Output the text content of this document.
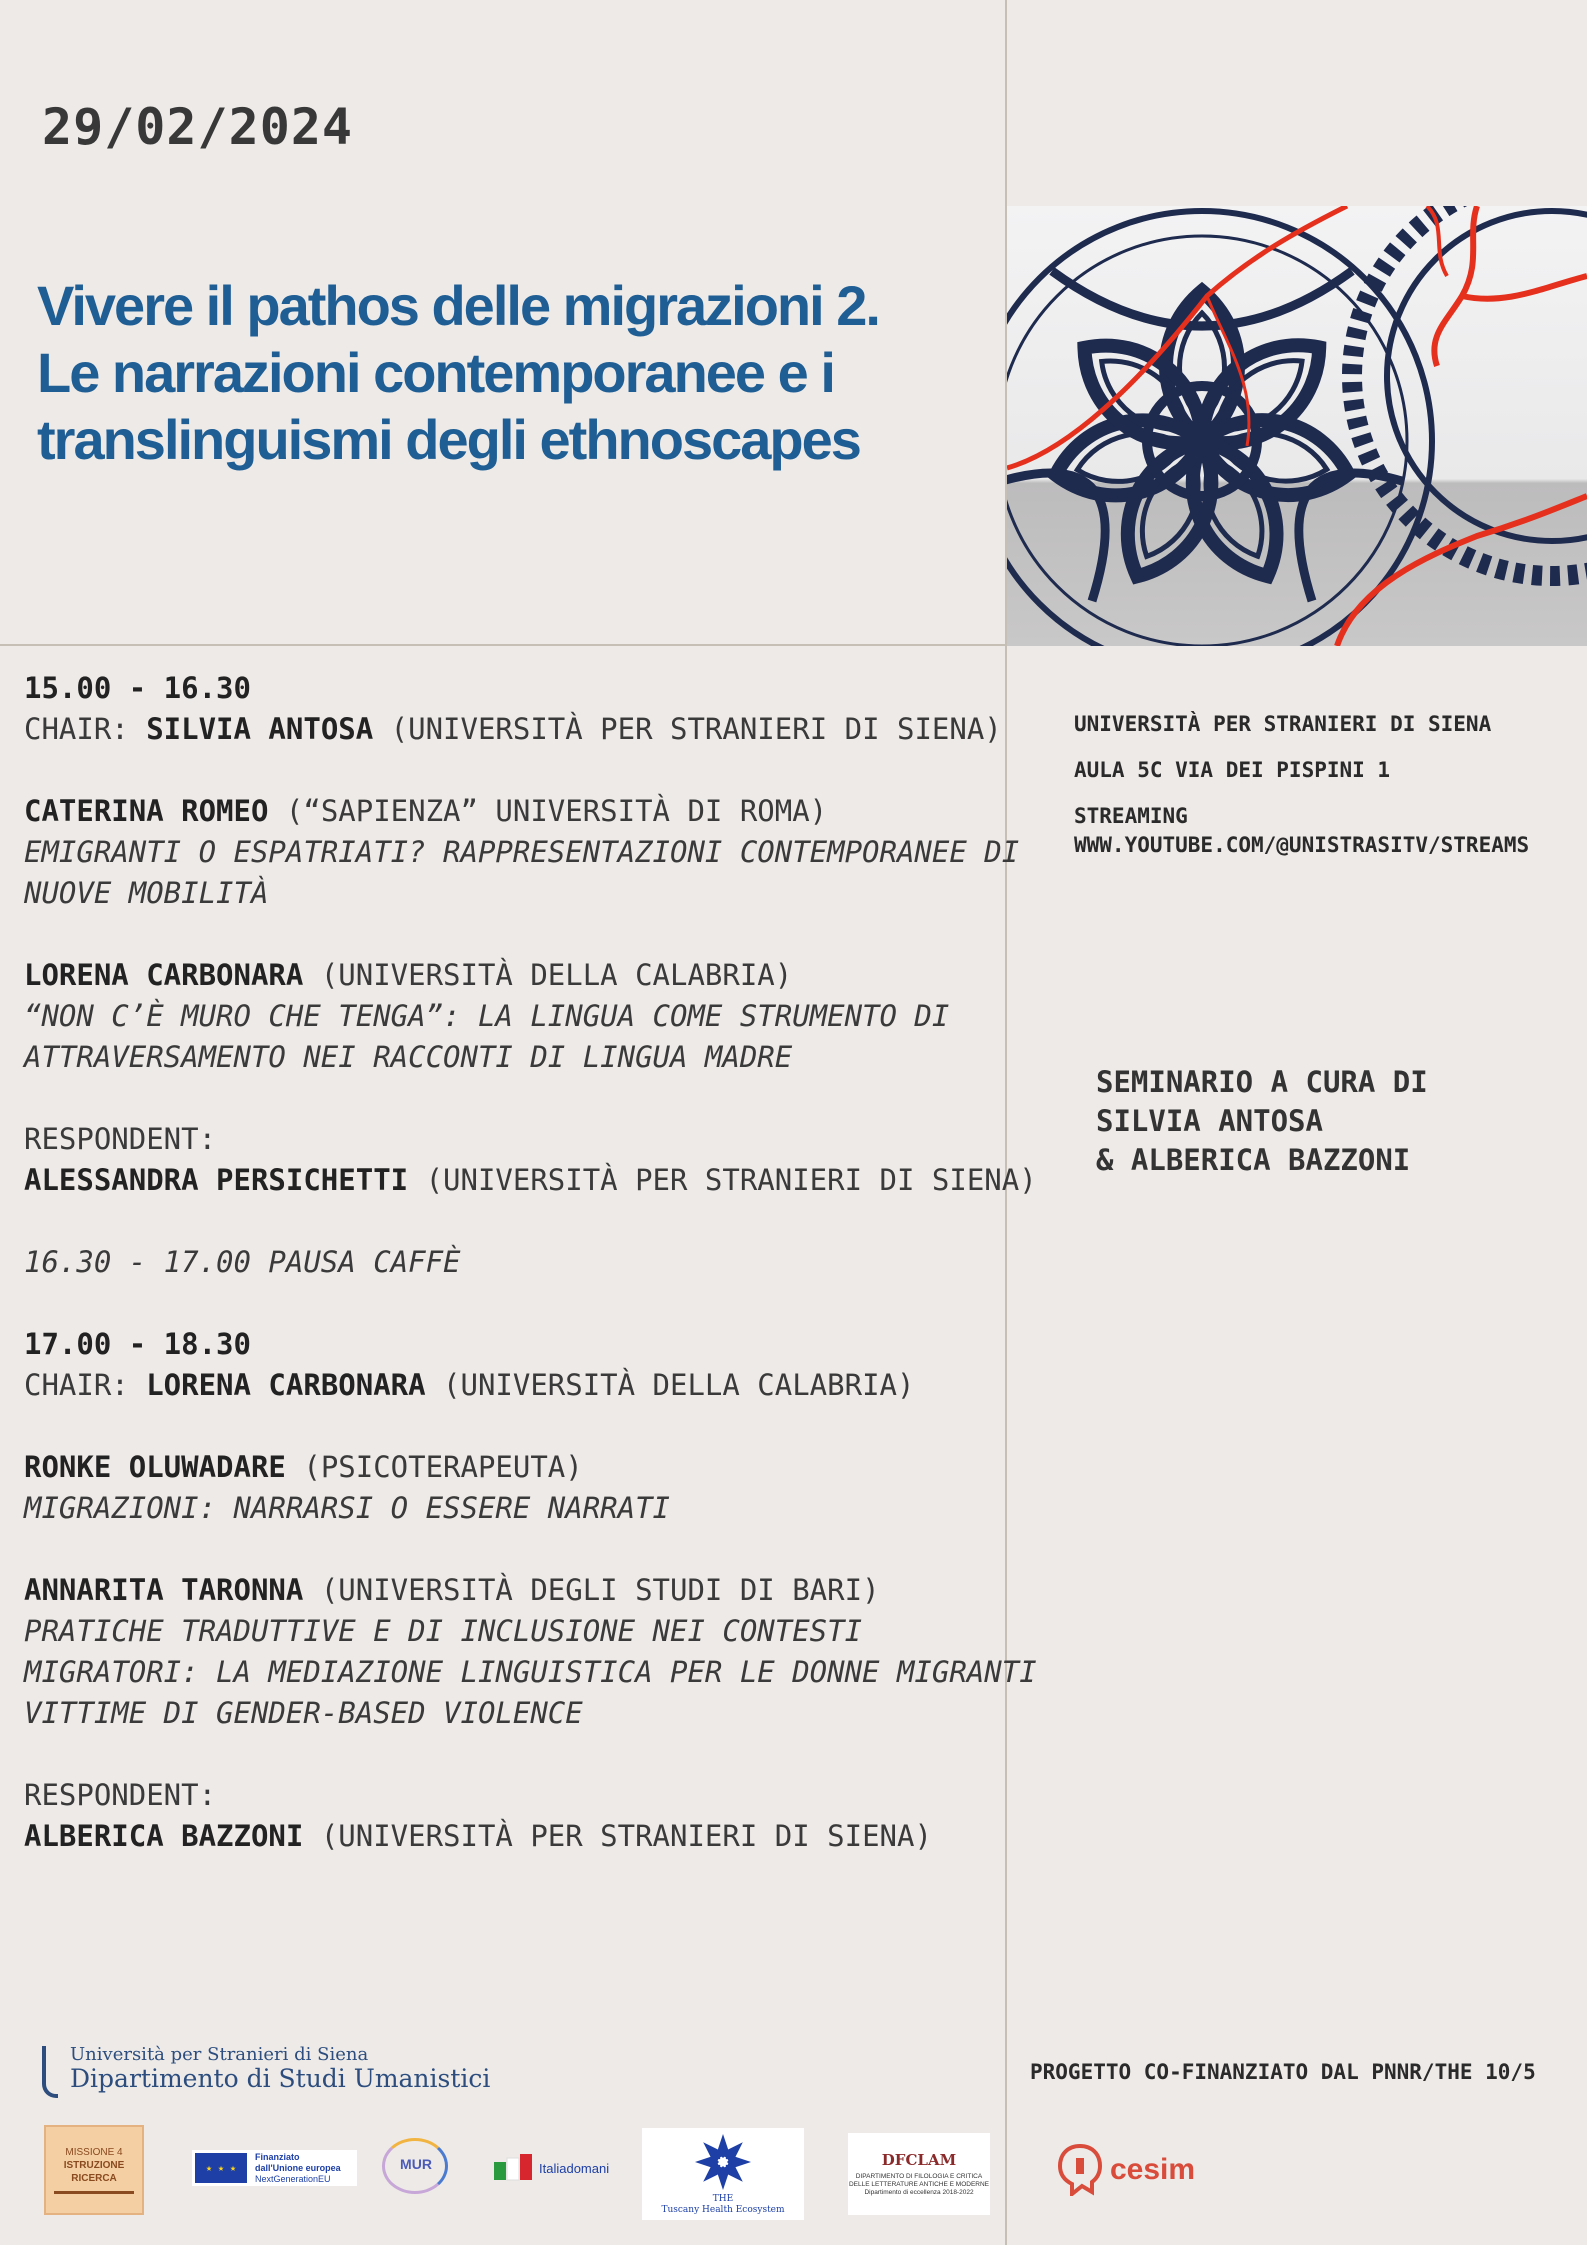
29/02/2024
Vivere il pathos delle migrazioni 2.
Le narrazioni contemporanee e i
translinguismi degli ethnoscapes

15.00 - 16.30

CHAIR: SILVIA ANTOSA (UNIVERSITÀ PER STRANIERI DI SIENA)

CATERINA ROMEO (“SAPIENZA” UNIVERSITÀ DI ROMA)

EMIGRANTI O ESPATRIATI? RAPPRESENTAZIONI CONTEMPORANEE DI

NUOVE MOBILITÀ

LORENA CARBONARA (UNIVERSITÀ DELLA CALABRIA)

“NON C’È MURO CHE TENGA”: LA LINGUA COME STRUMENTO DI

ATTRAVERSAMENTO NEI RACCONTI DI LINGUA MADRE

RESPONDENT:

ALESSANDRA PERSICHETTI (UNIVERSITÀ PER STRANIERI DI SIENA)

16.30 - 17.00 PAUSA CAFFÈ

17.00 - 18.30

CHAIR: LORENA CARBONARA (UNIVERSITÀ DELLA CALABRIA)

RONKE OLUWADARE (PSICOTERAPEUTA)

MIGRAZIONI: NARRARSI O ESSERE NARRATI

ANNARITA TARONNA (UNIVERSITÀ DEGLI STUDI DI BARI)

PRATICHE TRADUTTIVE E DI INCLUSIONE NEI CONTESTI

MIGRATORI: LA MEDIAZIONE LINGUISTICA PER LE DONNE MIGRANTI

VITTIME DI GENDER-BASED VIOLENCE

RESPONDENT:

ALBERICA BAZZONI (UNIVERSITÀ PER STRANIERI DI SIENA)

UNIVERSITÀ PER STRANIERI DI SIENA
AULA 5C VIA DEI PISPINI 1
STREAMING
WWW.YOUTUBE.COM/@UNISTRASITV/STREAMS
SEMINARIO A CURA DI
SILVIA ANTOSA
& ALBERICA BAZZONI
PROGETTO CO-FINANZIATO DAL PNNR/THE 10/5
Università per Stranieri di Siena
Dipartimento di Studi Umanistici
MISSIONE 4
ISTRUZIONE
RICERCA
★ ★ ★
Finanziato
dall'Unione europea
NextGenerationEU
MUR	Italiadomani
THE
Tuscany Health Ecosystem
DFCLAM
DIPARTIMENTO DI FILOLOGIA E CRITICA
DELLE LETTERATURE ANTICHE E MODERNE
Dipartimento di eccellenza 2018-2022
cesim
